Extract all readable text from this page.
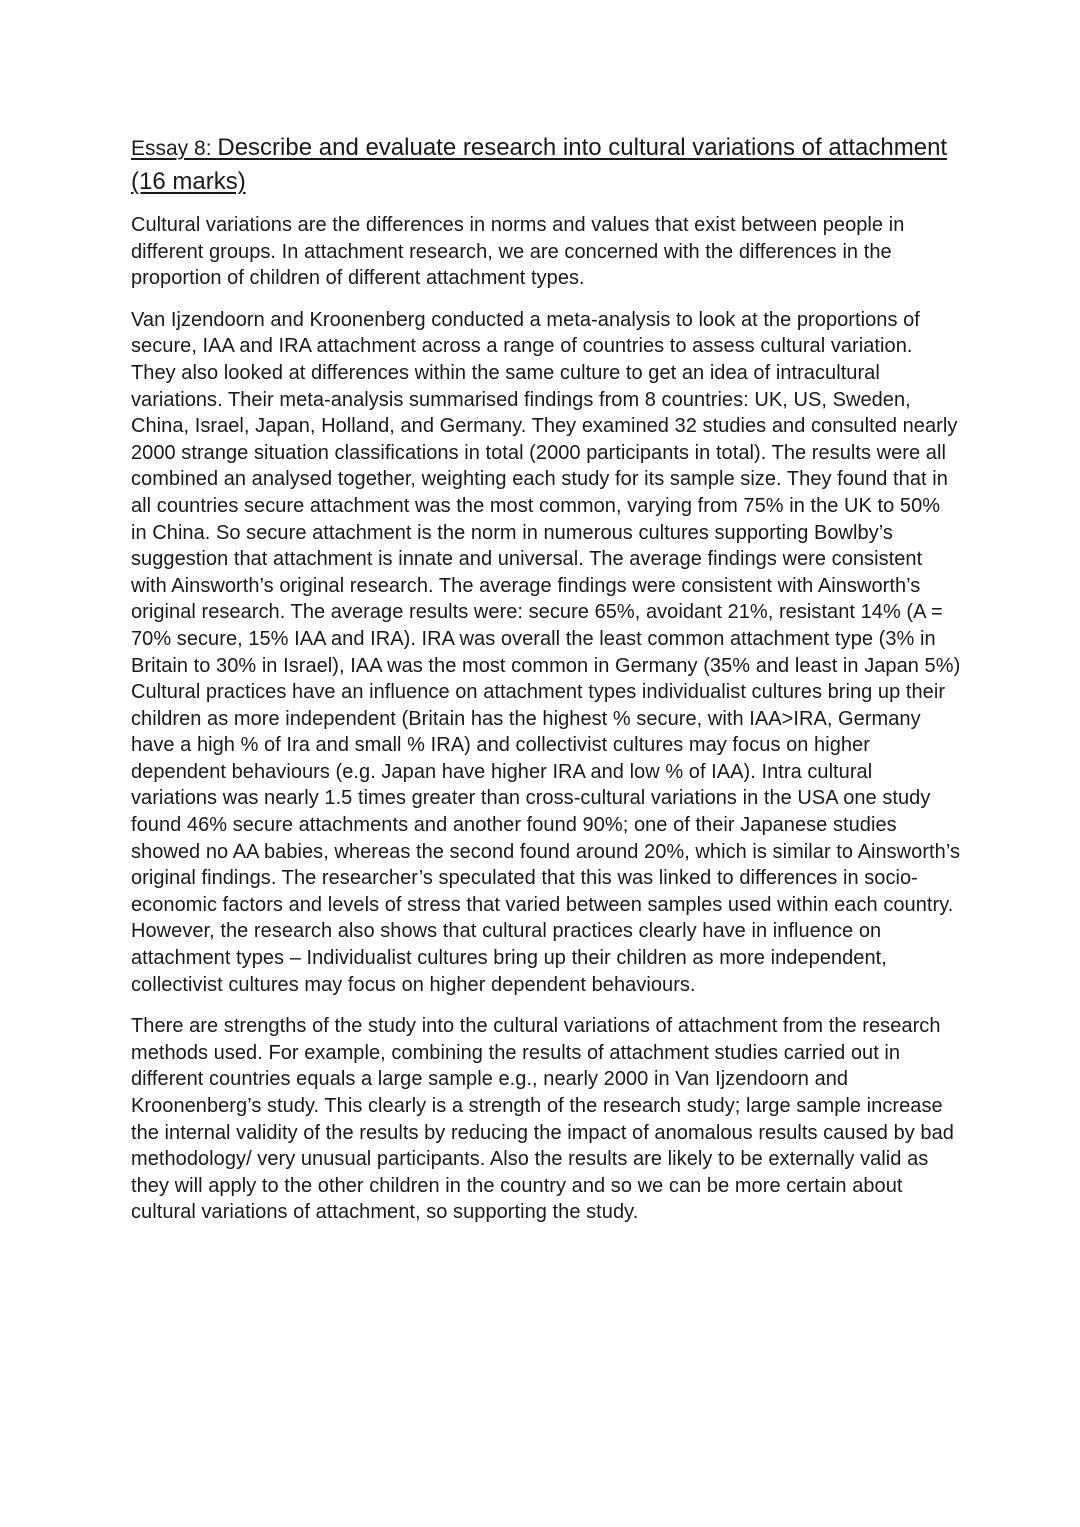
Essay 8: Describe and evaluate research into cultural variations of attachment (16 marks)

Cultural variations are the differences in norms and values that exist between people in different groups. In attachment research, we are concerned with the differences in the proportion of children of different attachment types.

Van Ijzendoorn and Kroonenberg conducted a meta-analysis to look at the proportions of secure, IAA and IRA attachment across a range of countries to assess cultural variation. They also looked at differences within the same culture to get an idea of intracultural variations. Their meta-analysis summarised findings from 8 countries: UK, US, Sweden, China, Israel, Japan, Holland, and Germany. They examined 32 studies and consulted nearly 2000 strange situation classifications in total (2000 participants in total). The results were all combined an analysed together, weighting each study for its sample size. They found that in all countries secure attachment was the most common, varying from 75% in the UK to 50% in China. So secure attachment is the norm in numerous cultures supporting Bowlby’s suggestion that attachment is innate and universal. The average findings were consistent with Ainsworth’s original research. The average findings were consistent with Ainsworth’s original research. The average results were: secure 65%, avoidant 21%, resistant 14% (A = 70% secure, 15% IAA and IRA). IRA was overall the least common attachment type (3% in Britain to 30% in Israel), IAA was the most common in Germany (35% and least in Japan 5%) Cultural practices have an influence on attachment types individualist cultures bring up their children as more independent (Britain has the highest % secure, with IAA>IRA, Germany have a high % of Ira and small % IRA) and collectivist cultures may focus on higher dependent behaviours (e.g. Japan have higher IRA and low % of IAA). Intra cultural variations was nearly 1.5 times greater than cross-cultural variations in the USA one study found 46% secure attachments and another found 90%; one of their Japanese studies showed no AA babies, whereas the second found around 20%, which is similar to Ainsworth’s original findings. The researcher’s speculated that this was linked to differences in socio-economic factors and levels of stress that varied between samples used within each country. However, the research also shows that cultural practices clearly have in influence on attachment types – Individualist cultures bring up their children as more independent, collectivist cultures may focus on higher dependent behaviours.

There are strengths of the study into the cultural variations of attachment from the research methods used. For example, combining the results of attachment studies carried out in different countries equals a large sample e.g., nearly 2000 in Van Ijzendoorn and Kroonenberg’s study. This clearly is a strength of the research study; large sample increase the internal validity of the results by reducing the impact of anomalous results caused by bad methodology/ very unusual participants. Also the results are likely to be externally valid as they will apply to the other children in the country and so we can be more certain about cultural variations of attachment, so supporting the study.
